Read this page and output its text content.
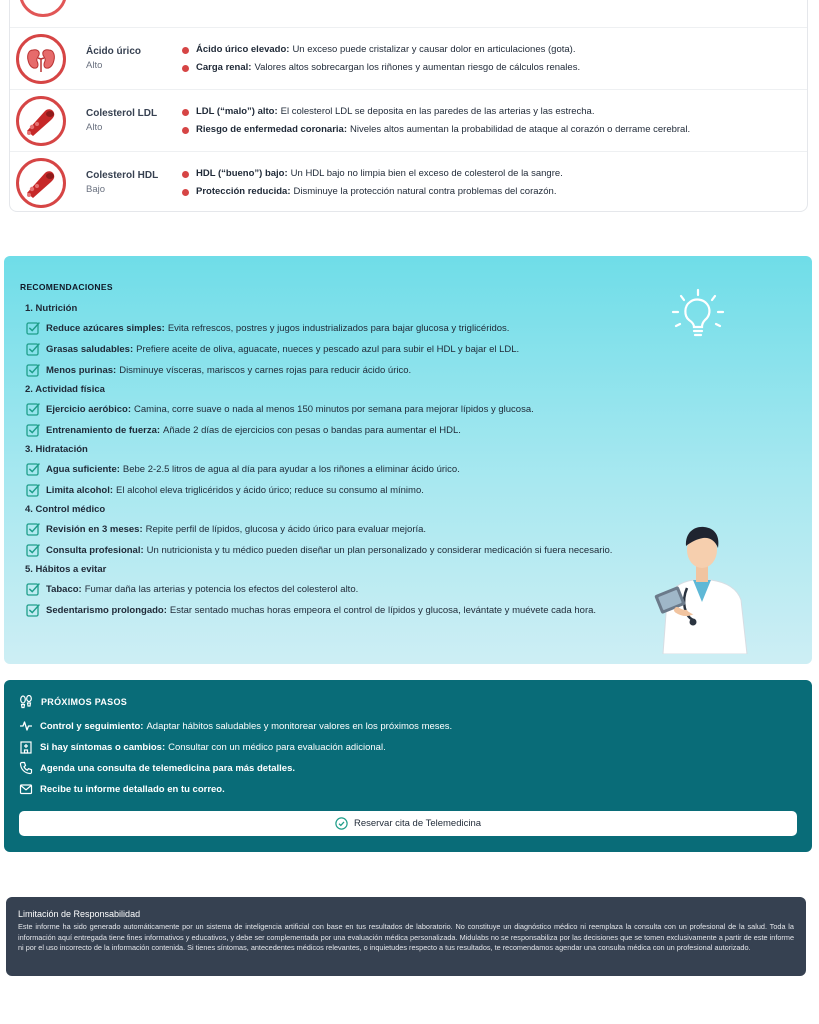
Ácido úrico
Alto
Ácido úrico elevado: Un exceso puede cristalizar y causar dolor en articulaciones (gota).
Carga renal: Valores altos sobrecargan los riñones y aumentan riesgo de cálculos renales.
Colesterol LDL
Alto
LDL (“malo”) alto: El colesterol LDL se deposita en las paredes de las arterias y las estrecha.
Riesgo de enfermedad coronaria: Niveles altos aumentan la probabilidad de ataque al corazón o derrame cerebral.
Colesterol HDL
Bajo
HDL (“bueno”) bajo: Un HDL bajo no limpia bien el exceso de colesterol de la sangre.
Protección reducida: Disminuye la protección natural contra problemas del corazón.
RECOMENDACIONES
1. Nutrición
Reduce azúcares simples: Evita refrescos, postres y jugos industrializados para bajar glucosa y triglicéridos.
Grasas saludables: Prefiere aceite de oliva, aguacate, nueces y pescado azul para subir el HDL y bajar el LDL.
Menos purinas: Disminuye vísceras, mariscos y carnes rojas para reducir ácido úrico.
2. Actividad física
Ejercicio aeróbico: Camina, corre suave o nada al menos 150 minutos por semana para mejorar lípidos y glucosa.
Entrenamiento de fuerza: Añade 2 días de ejercicios con pesas o bandas para aumentar el HDL.
3. Hidratación
Agua suficiente: Bebe 2-2.5 litros de agua al día para ayudar a los riñones a eliminar ácido úrico.
Limita alcohol: El alcohol eleva triglicéridos y ácido úrico; reduce su consumo al mínimo.
4. Control médico
Revisión en 3 meses: Repite perfil de lípidos, glucosa y ácido úrico para evaluar mejoría.
Consulta profesional: Un nutricionista y tu médico pueden diseñar un plan personalizado y considerar medicación si fuera necesario.
5. Hábitos a evitar
Tabaco: Fumar daña las arterias y potencia los efectos del colesterol alto.
Sedentarismo prolongado: Estar sentado muchas horas empeora el control de lípidos y glucosa, levántate y muévete cada hora.
PRÓXIMOS PASOS
Control y seguimiento: Adaptar hábitos saludables y monitorear valores en los próximos meses.
Si hay síntomas o cambios: Consultar con un médico para evaluación adicional.
Agenda una consulta de telemedicina para más detalles.
Recibe tu informe detallado en tu correo.
Reservar cita de Telemedicina
Limitación de Responsabilidad
Este informe ha sido generado automáticamente por un sistema de inteligencia artificial con base en tus resultados de laboratorio. No constituye un diagnóstico médico ni reemplaza la consulta con un profesional de la salud. Toda la información aquí entregada tiene fines informativos y educativos, y debe ser complementada por una evaluación médica personalizada. Midulabs no se responsabiliza por las decisiones que se tomen exclusivamente a partir de este informe ni por el uso incorrecto de la información contenida. Si tienes síntomas, antecedentes médicos relevantes, o inquietudes respecto a tus resultados, te recomendamos agendar una consulta médica con un profesional autorizado.
